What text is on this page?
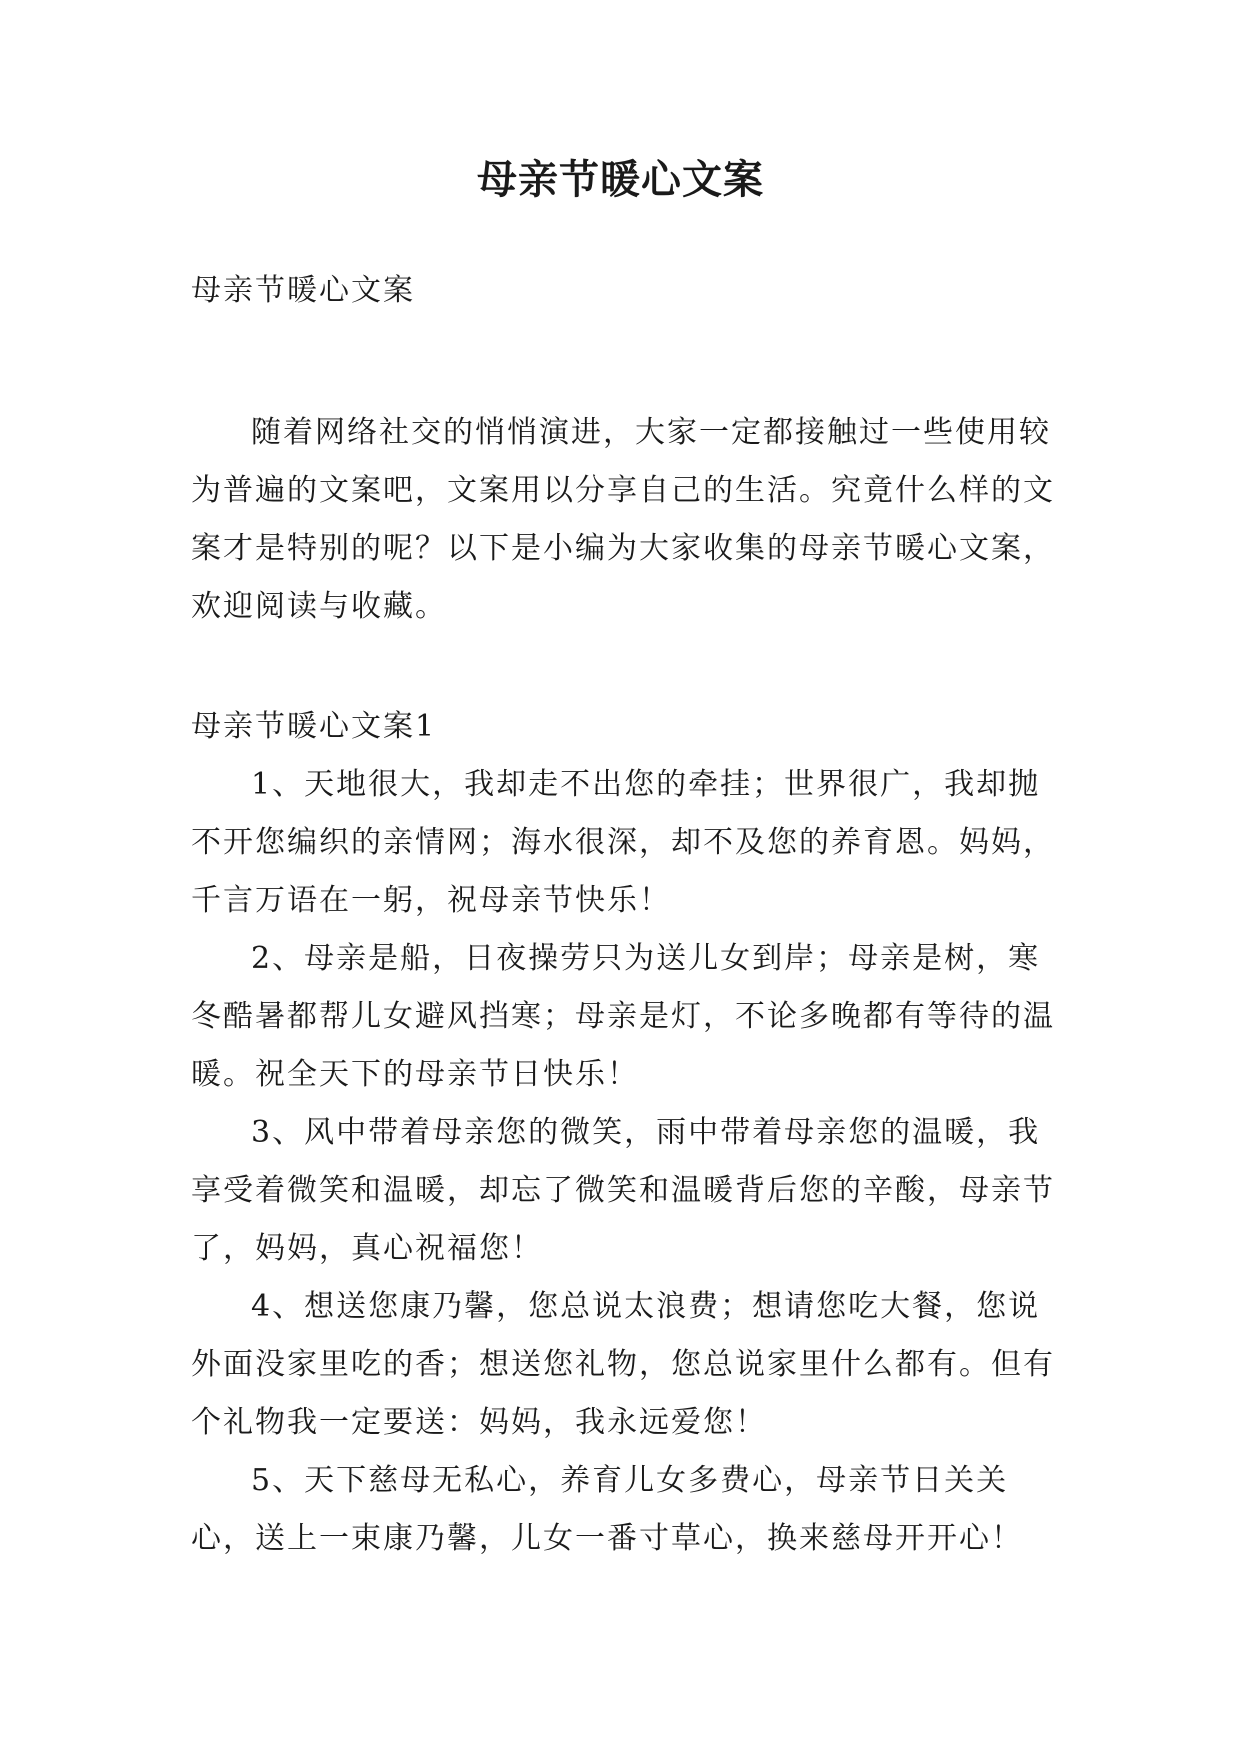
母亲节暖心文案
母亲节暖心文案

随着网络社交的悄悄演进，大家一定都接触过一些使用较为普遍的文案吧，文案用以分享自己的生活。究竟什么样的文案才是特别的呢？以下是小编为大家收集的母亲节暖心文案，欢迎阅读与收藏。

母亲节暖心文案1

1、天地很大，我却走不出您的牵挂；世界很广，我却抛不开您编织的亲情网；海水很深，却不及您的养育恩。妈妈，千言万语在一躬，祝母亲节快乐！

2、母亲是船，日夜操劳只为送儿女到岸；母亲是树，寒冬酷暑都帮儿女避风挡寒；母亲是灯，不论多晚都有等待的温暖。祝全天下的母亲节日快乐！

3、风中带着母亲您的微笑，雨中带着母亲您的温暖，我享受着微笑和温暖，却忘了微笑和温暖背后您的辛酸，母亲节了，妈妈，真心祝福您！

4、想送您康乃馨，您总说太浪费；想请您吃大餐，您说外面没家里吃的香；想送您礼物，您总说家里什么都有。但有个礼物我一定要送：妈妈，我永远爱您！

5、天下慈母无私心，养育儿女多费心，母亲节日关关心，送上一束康乃馨，儿女一番寸草心，换来慈母开开心！
